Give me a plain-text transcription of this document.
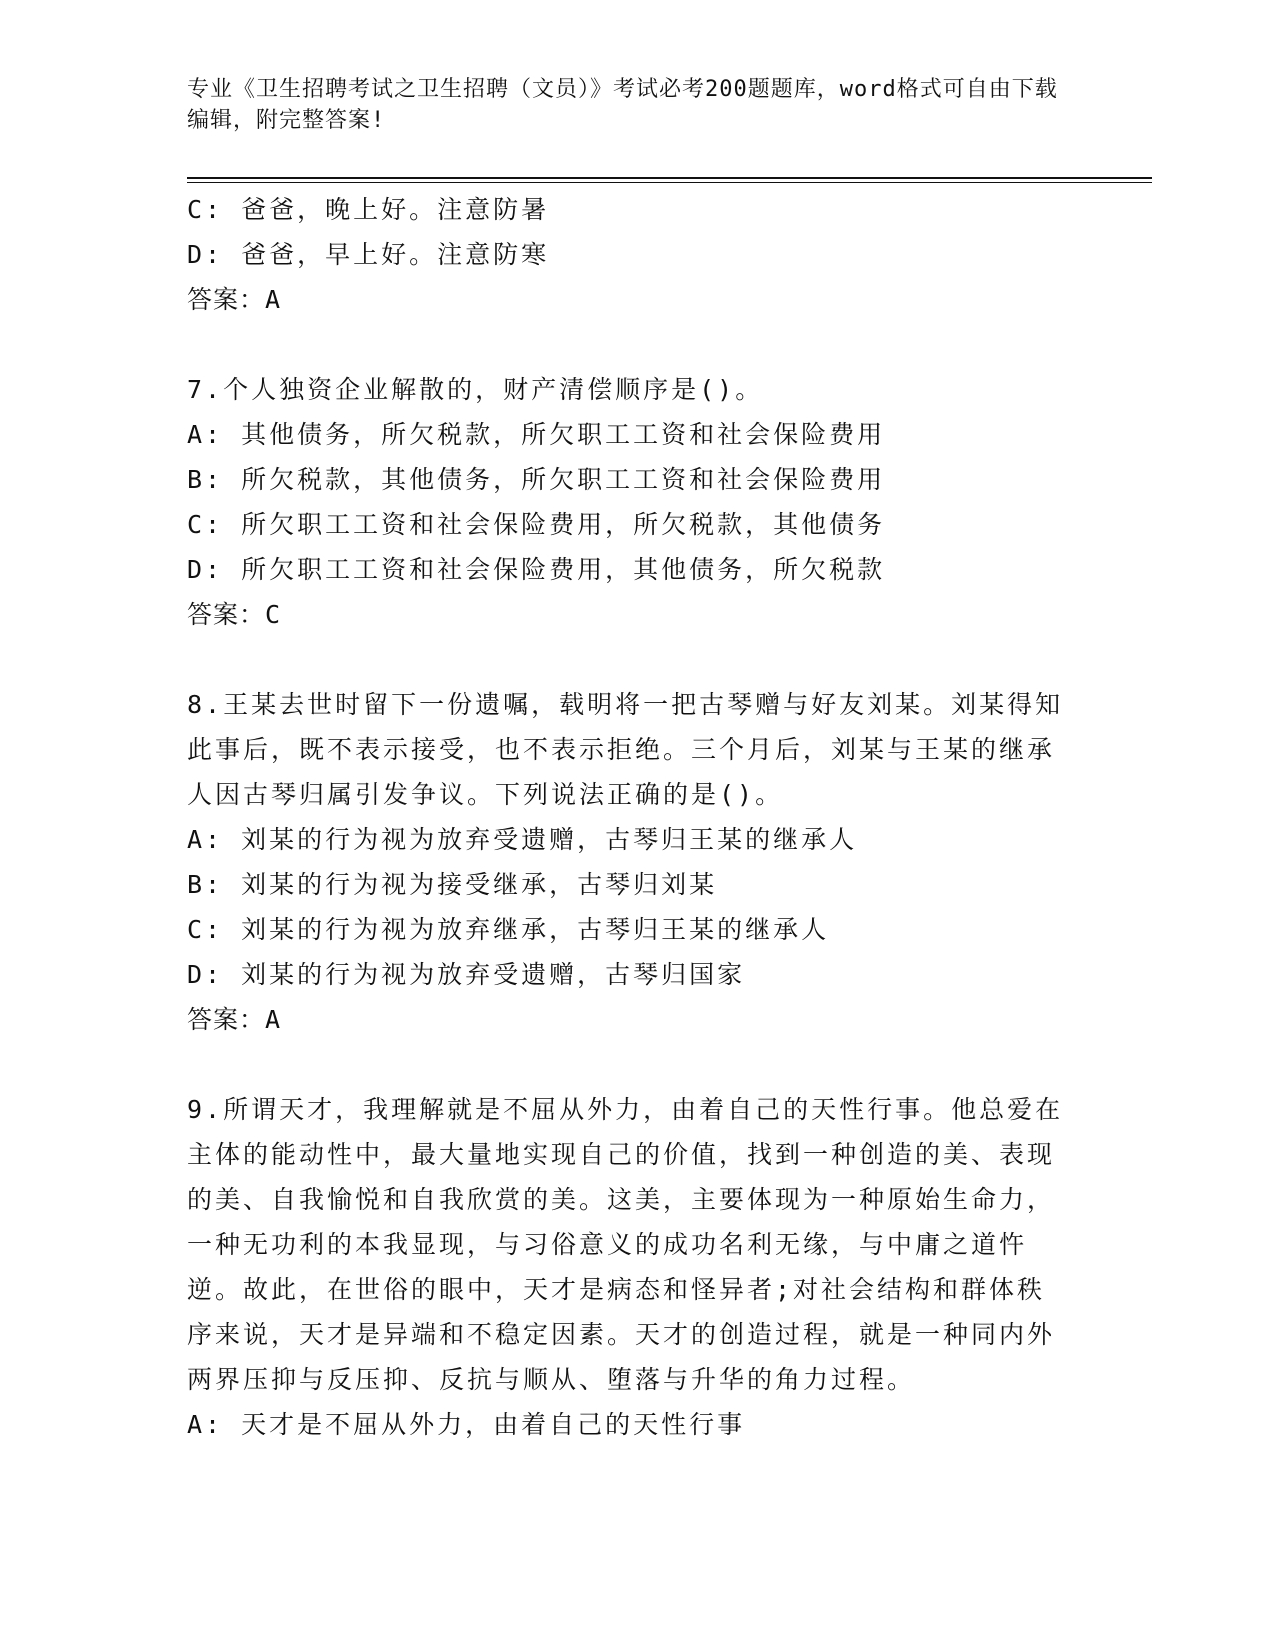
专业《卫生招聘考试之卫生招聘（文员）》考试必考200题题库，word格式可自由下载编辑，附完整答案!
C: 爸爸，晚上好。注意防暑
D: 爸爸，早上好。注意防寒
答案：A
7.个人独资企业解散的，财产清偿顺序是()。
A: 其他债务，所欠税款，所欠职工工资和社会保险费用
B: 所欠税款，其他债务，所欠职工工资和社会保险费用
C: 所欠职工工资和社会保险费用，所欠税款，其他债务
D: 所欠职工工资和社会保险费用，其他债务，所欠税款
答案：C
8.王某去世时留下一份遗嘱，载明将一把古琴赠与好友刘某。刘某得知此事后，既不表示接受，也不表示拒绝。三个月后，刘某与王某的继承人因古琴归属引发争议。下列说法正确的是()。
A: 刘某的行为视为放弃受遗赠，古琴归王某的继承人
B: 刘某的行为视为接受继承，古琴归刘某
C: 刘某的行为视为放弃继承，古琴归王某的继承人
D: 刘某的行为视为放弃受遗赠，古琴归国家
答案：A
9.所谓天才，我理解就是不屈从外力，由着自己的天性行事。他总爱在主体的能动性中，最大量地实现自己的价值，找到一种创造的美、表现的美、自我愉悦和自我欣赏的美。这美，主要体现为一种原始生命力，一种无功利的本我显现，与习俗意义的成功名利无缘，与中庸之道忤逆。故此，在世俗的眼中，天才是病态和怪异者;对社会结构和群体秩序来说，天才是异端和不稳定因素。天才的创造过程，就是一种同内外两界压抑与反压抑、反抗与顺从、堕落与升华的角力过程。
A: 天才是不屈从外力，由着自己的天性行事
